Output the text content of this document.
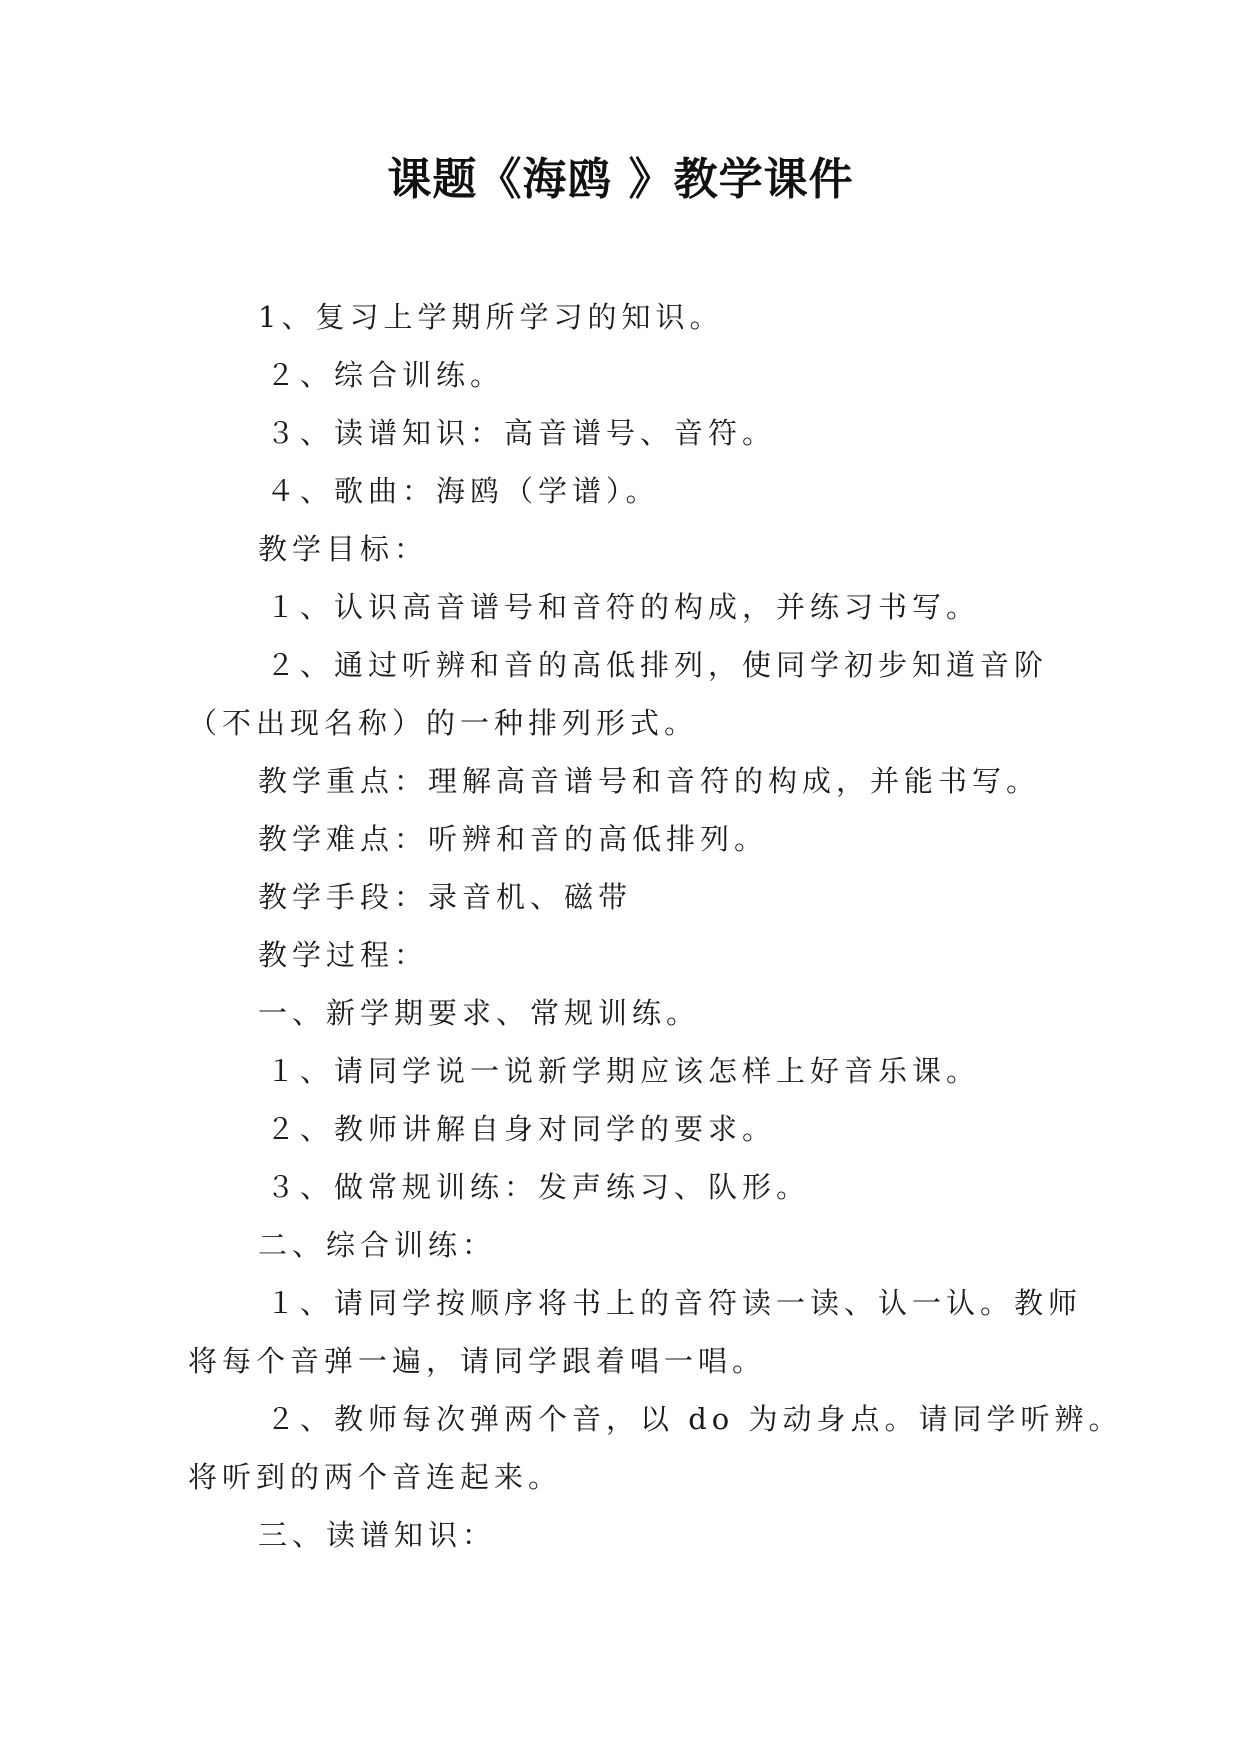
课题《海鸥 》教学课件
1、复习上学期所学习的知识。
２、综合训练。
３、读谱知识：高音谱号、音符。
４、歌曲：海鸥（学谱）。
教学目标：
１、认识高音谱号和音符的构成，并练习书写。
２、通过听辨和音的高低排列，使同学初步知道音阶
（不出现名称）的一种排列形式。
教学重点：理解高音谱号和音符的构成，并能书写。
教学难点：听辨和音的高低排列。
教学手段：录音机、磁带
教学过程：
一、新学期要求、常规训练。
１、请同学说一说新学期应该怎样上好音乐课。
２、教师讲解自身对同学的要求。
３、做常规训练：发声练习、队形。
二、综合训练：
１、请同学按顺序将书上的音符读一读、认一认。教师
将每个音弹一遍，请同学跟着唱一唱。
２、教师每次弹两个音，以 do 为动身点。请同学听辨。
将听到的两个音连起来。
三、读谱知识：
